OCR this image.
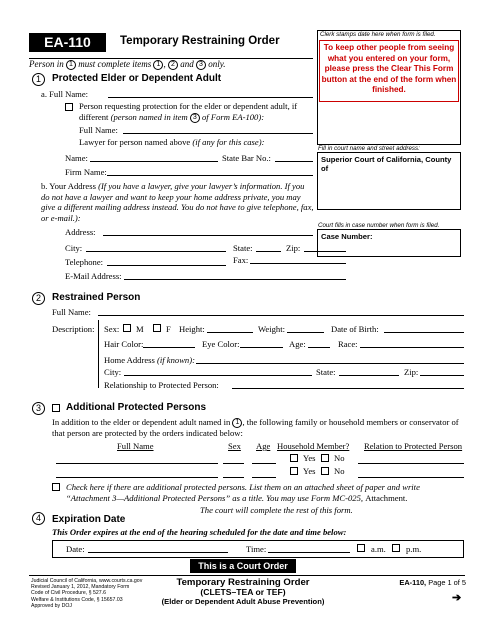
EA-110	Temporary Restraining Order
Person in 1 must complete items 1 , 2 and 3 only.
Clerk stamps date here when form is filed.
To keep other people from seeing what you entered on your form, please press the Clear This Form button at the end of the form when finished.
Fill in court name and street address:
Superior Court of California, County of
Court fills in case number when form is filed.
Case Number:
1	Protected Elder or Dependent Adult
a. Full Name:
Person requesting protection for the elder or dependent adult, if
different (person named in item 3 of Form EA-100):
Full Name:
Lawyer for person named above (if any for this case):
Name:	State Bar No.:
Firm Name:
b. Your Address (If you have a lawyer, give your lawyer’s information. If you do not have a lawyer and want to keep your home address private, you may give a different mailing address instead. You do not have to give telephone, fax, or e-mail.):
Address:
City:	State:	Zip:
Telephone:	Fax:
E-Mail Address:
2	Restrained Person
Full Name:
Description: Sex: M	F Height:	Weight:	Date of Birth:
Hair Color:	Eye Color:	Age:	Race:
Home Address (if known):
City:	State:	Zip:
Relationship to Protected Person:
3	Additional Protected Persons
In addition to the elder or dependent adult named in 1 , the following family or household members or conservator of that person are protected by the orders indicated below:
Full Name	Sex Age Household Member? Relation to Protected Person
Yes No
Yes No
Check here if there are additional protected persons. List them on an attached sheet of paper and write
“Attachment 3—Additional Protected Persons” as a title. You may use Form MC-025, Attachment.
The court will complete the rest of this form.
4	Expiration Date
This Order expires at the end of the hearing scheduled for the date and time below:
Date:	Time:	a.m. p.m.
This is a Court Order
Judicial Council of California, www.courts.ca.gov
Revised January 1, 2012, Mandatory Form
Code of Civil Procedure, § 527.6
Welfare & Institutions Code, § 15657.03
Approved by DOJ
Temporary Restraining Order
(CLETS–TEA or TEF)
(Elder or Dependent Adult Abuse Prevention)
EA-110, Page 1 of 5
➔
